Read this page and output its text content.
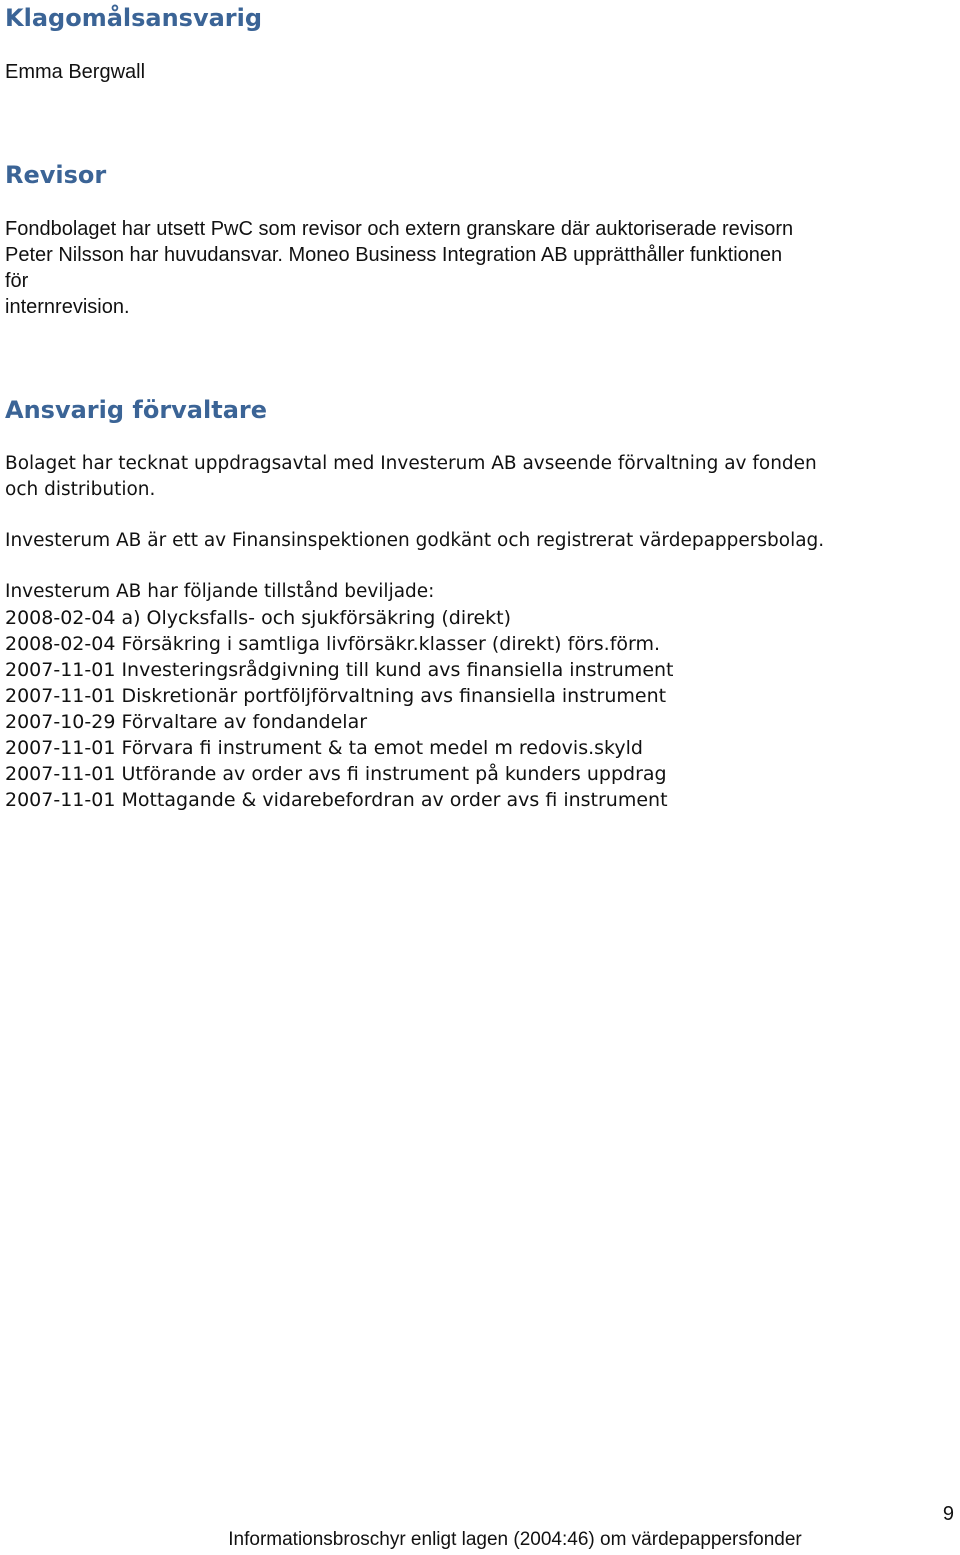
Klagomålsansvarig

Emma Bergwall

Revisor

Fondbolaget har utsett PwC som revisor och extern granskare där auktoriserade revisorn

Peter Nilsson har huvudansvar. Moneo Business Integration AB upprätthåller funktionen

för

internrevision.

Ansvarig förvaltare

Bolaget har tecknat uppdragsavtal med Investerum AB avseende förvaltning av fonden

och distribution.

Investerum AB är ett av Finansinspektionen godkänt och registrerat värdepappersbolag.

Investerum AB har följande tillstånd beviljade:

2008-02-04 a) Olycksfalls- och sjukförsäkring (direkt)
2008-02-04 Försäkring i samtliga livförsäkr.klasser (direkt) förs.förm.
2007-11-01 Investeringsrådgivning till kund avs finansiella instrument
2007-11-01 Diskretionär portföljförvaltning avs finansiella instrument
2007-10-29 Förvaltare av fondandelar
2007-11-01 Förvara fi instrument & ta emot medel m redovis.skyld
2007-11-01 Utförande av order avs fi instrument på kunders uppdrag
2007-11-01 Mottagande & vidarebefordran av order avs fi instrument
9
Informationsbroschyr enligt lagen (2004:46) om värdepappersfonder
